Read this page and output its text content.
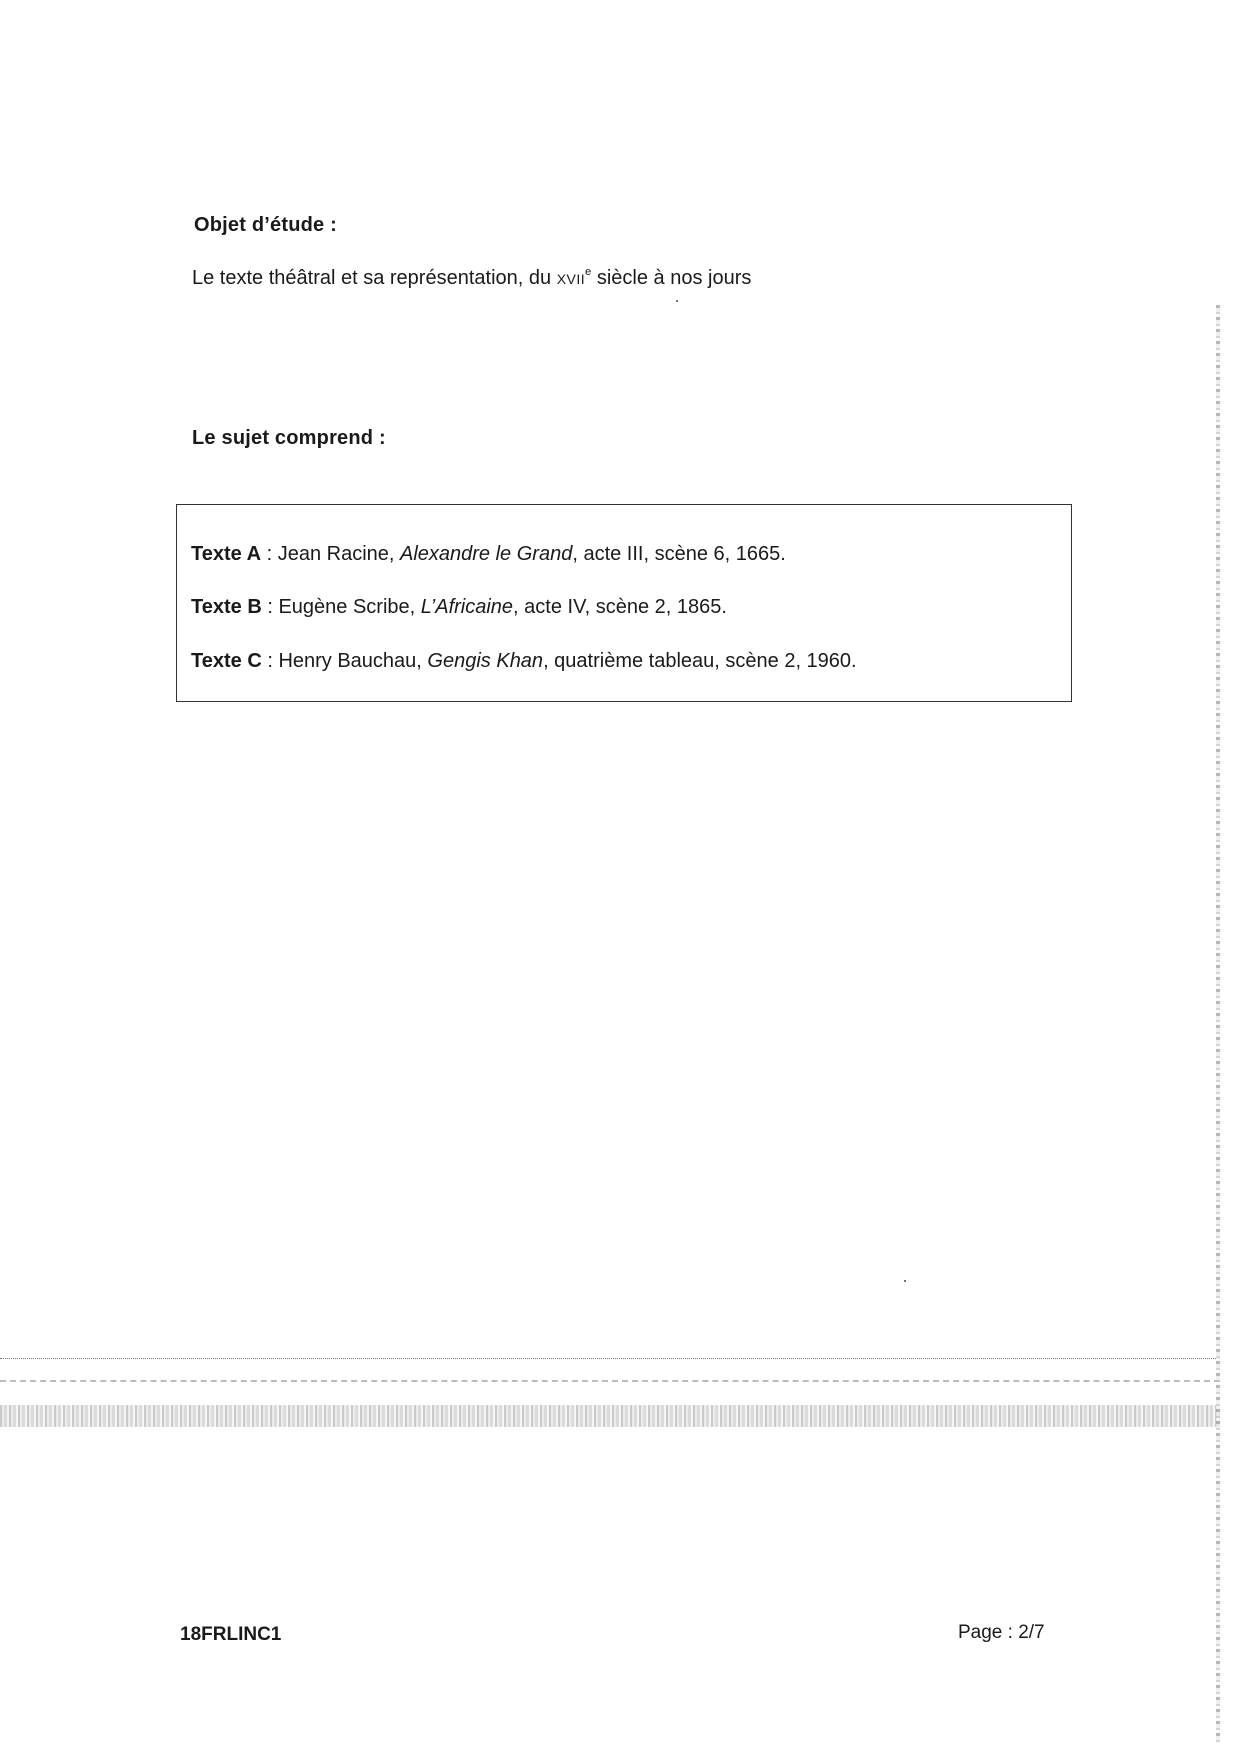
Objet d’étude :
Le texte théâtral et sa représentation, du XVIIe siècle à nos jours
Le sujet comprend :
Texte A : Jean Racine, Alexandre le Grand, acte III, scène 6, 1665.
Texte B : Eugène Scribe, L’Africaine, acte IV, scène 2, 1865.
Texte C : Henry Bauchau, Gengis Khan, quatrième tableau, scène 2, 1960.
18FRLINC1	Page : 2/7
